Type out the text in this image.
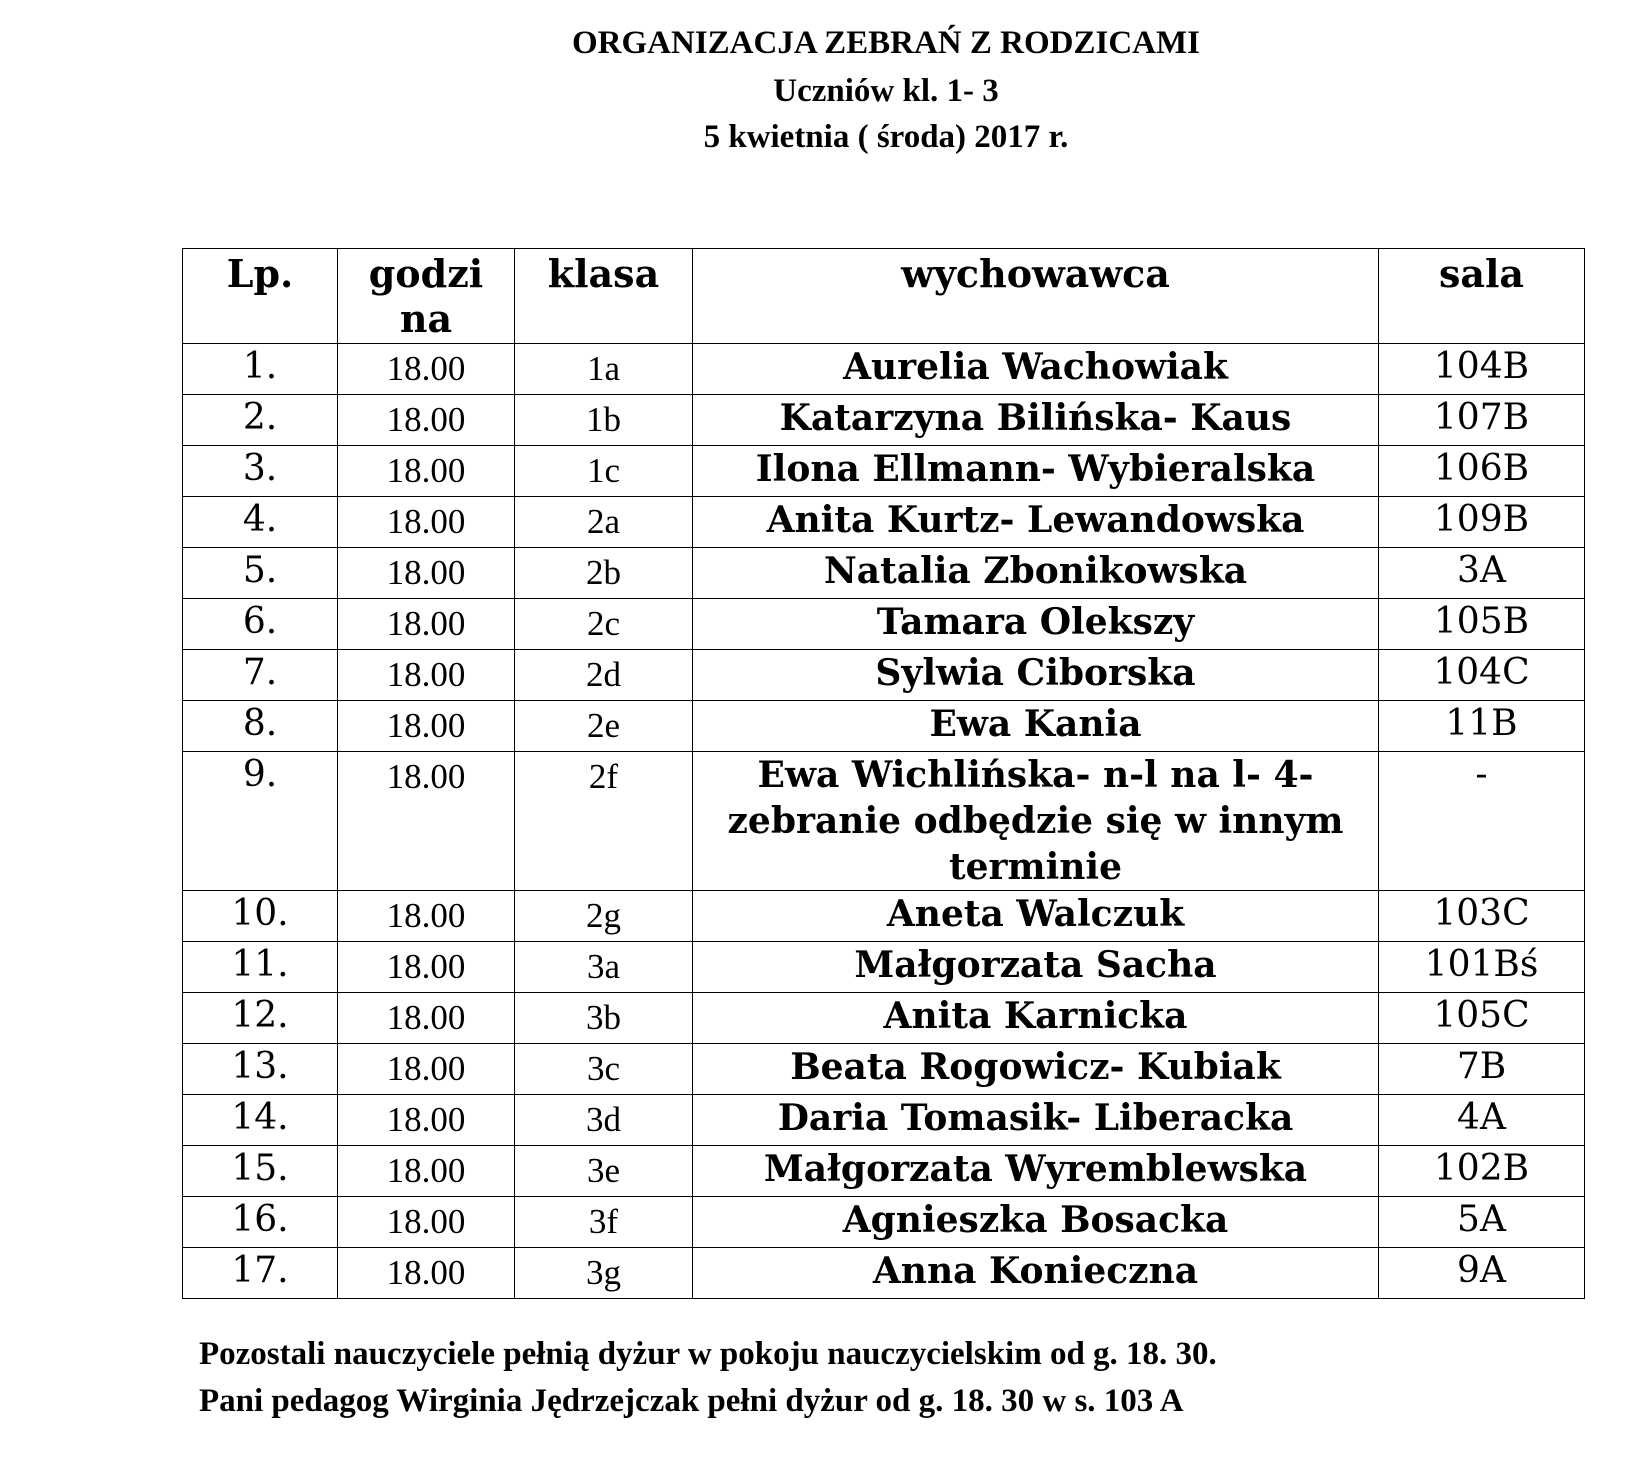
ORGANIZACJA ZEBRAŃ Z RODZICAMI
Uczniów kl. 1- 3
5 kwietnia ( środa) 2017 r.
Lp.	godzi na	klasa	wychowawca	sala
1.	18.00	1a	Aurelia Wachowiak	104B
2.	18.00	1b	Katarzyna Bilińska- Kaus	107B
3.	18.00	1c	Ilona Ellmann- Wybieralska	106B
4.	18.00	2a	Anita Kurtz- Lewandowska	109B
5.	18.00	2b	Natalia Zbonikowska	3A
6.	18.00	2c	Tamara Olekszy	105B
7.	18.00	2d	Sylwia Ciborska	104C
8.	18.00	2e	Ewa Kania	11B
9.	18.00	2f	Ewa Wichlińska- n-l na l- 4- zebranie odbędzie się w innym terminie	-
10.	18.00	2g	Aneta Walczuk	103C
11.	18.00	3a	Małgorzata Sacha	101Bś
12.	18.00	3b	Anita Karnicka	105C
13.	18.00	3c	Beata Rogowicz- Kubiak	7B
14.	18.00	3d	Daria Tomasik- Liberacka	4A
15.	18.00	3e	Małgorzata Wyremblewska	102B
16.	18.00	3f	Agnieszka Bosacka	5A
17.	18.00	3g	Anna Konieczna	9A
Pozostali nauczyciele pełnią dyżur w pokoju nauczycielskim od g. 18. 30.
Pani pedagog Wirginia Jędrzejczak pełni dyżur od g. 18. 30 w s. 103 A
